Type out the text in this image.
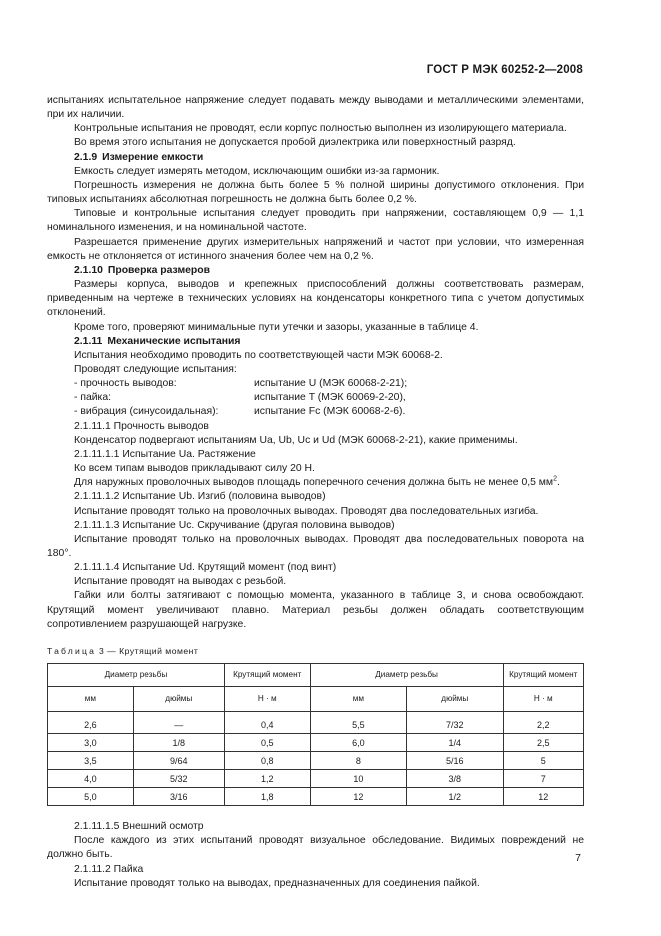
ГОСТ Р МЭК 60252-2—2008

испытаниях испытательное напряжение следует подавать между выводами и металлическими элементами, при их наличии.

Контрольные испытания не проводят, если корпус полностью выполнен из изолирующего материала.

Во время этого испытания не допускается пробой диэлектрика или поверхностный разряд.

2.1.9 Измерение емкости

Емкость следует измерять методом, исключающим ошибки из-за гармоник.

Погрешность измерения не должна быть более 5 % полной ширины допустимого отклонения. При типовых испытаниях абсолютная погрешность не должна быть более 0,2 %.

Типовые и контрольные испытания следует проводить при напряжении, составляющем 0,9 — 1,1 номинального изменения, и на номинальной частоте.

Разрешается применение других измерительных напряжений и частот при условии, что измеренная емкость не отклоняется от истинного значения более чем на 0,2 %.

2.1.10 Проверка размеров

Размеры корпуса, выводов и крепежных приспособлений должны соответствовать размерам, приведенным на чертеже в технических условиях на конденсаторы конкретного типа с учетом допустимых отклонений.

Кроме того, проверяют минимальные пути утечки и зазоры, указанные в таблице 4.

2.1.11 Механические испытания

Испытания необходимо проводить по соответствующей части МЭК 60068-2.

Проводят следующие испытания:

- прочность выводов:	испытание U (МЭК 60068-2-21);
- пайка:	испытание T (МЭК 60069-2-20),
- вибрация (синусоидальная):	испытание Fc (МЭК 60068-2-6).

2.1.11.1 Прочность выводов

Конденсатор подвергают испытаниям Ua, Ub, Uc и Ud (МЭК 60068-2-21), какие применимы.

2.1.11.1.1 Испытание Ua. Растяжение

Ко всем типам выводов прикладывают силу 20 Н.

Для наружных проволочных выводов площадь поперечного сечения должна быть не менее 0,5 $мм^2$.

2.1.11.1.2 Испытание Ub. Изгиб (половина выводов)

Испытание проводят только на проволочных выводах. Проводят два последовательных изгиба.

2.1.11.1.3 Испытание Uc. Скручивание (другая половина выводов)

Испытание проводят только на проволочных выводах. Проводят два последовательных поворота на 180°.

2.1.11.1.4 Испытание Ud. Крутящий момент (под винт)

Испытание проводят на выводах с резьбой.

Гайки или болты затягивают с помощью момента, указанного в таблице 3, и снова освобождают. Крутящий момент увеличивают плавно. Материал резьбы должен обладать соответствующим сопротивлением разрушающей нагрузке.

Таблица 3 — Крутящий момент
Диаметр резьбы		Крутящий момент	Диаметр резьбы		Крутящий момент
мм	дюймы	Н · м	мм	дюймы	Н · м
2,6	—	0,4	5,5	7/32	2,2
3,0	1/8	0,5	6,0	1/4	2,5
3,5	9/64	0,8	8	5/16	5
4,0	5/32	1,2	10	3/8	7
5,0	3/16	1,8	12	1/2	12

2.1.11.1.5 Внешний осмотр

После каждого из этих испытаний проводят визуальное обследование. Видимых повреждений не должно быть.

2.1.11.2 Пайка

Испытание проводят только на выводах, предназначенных для соединения пайкой.

7
